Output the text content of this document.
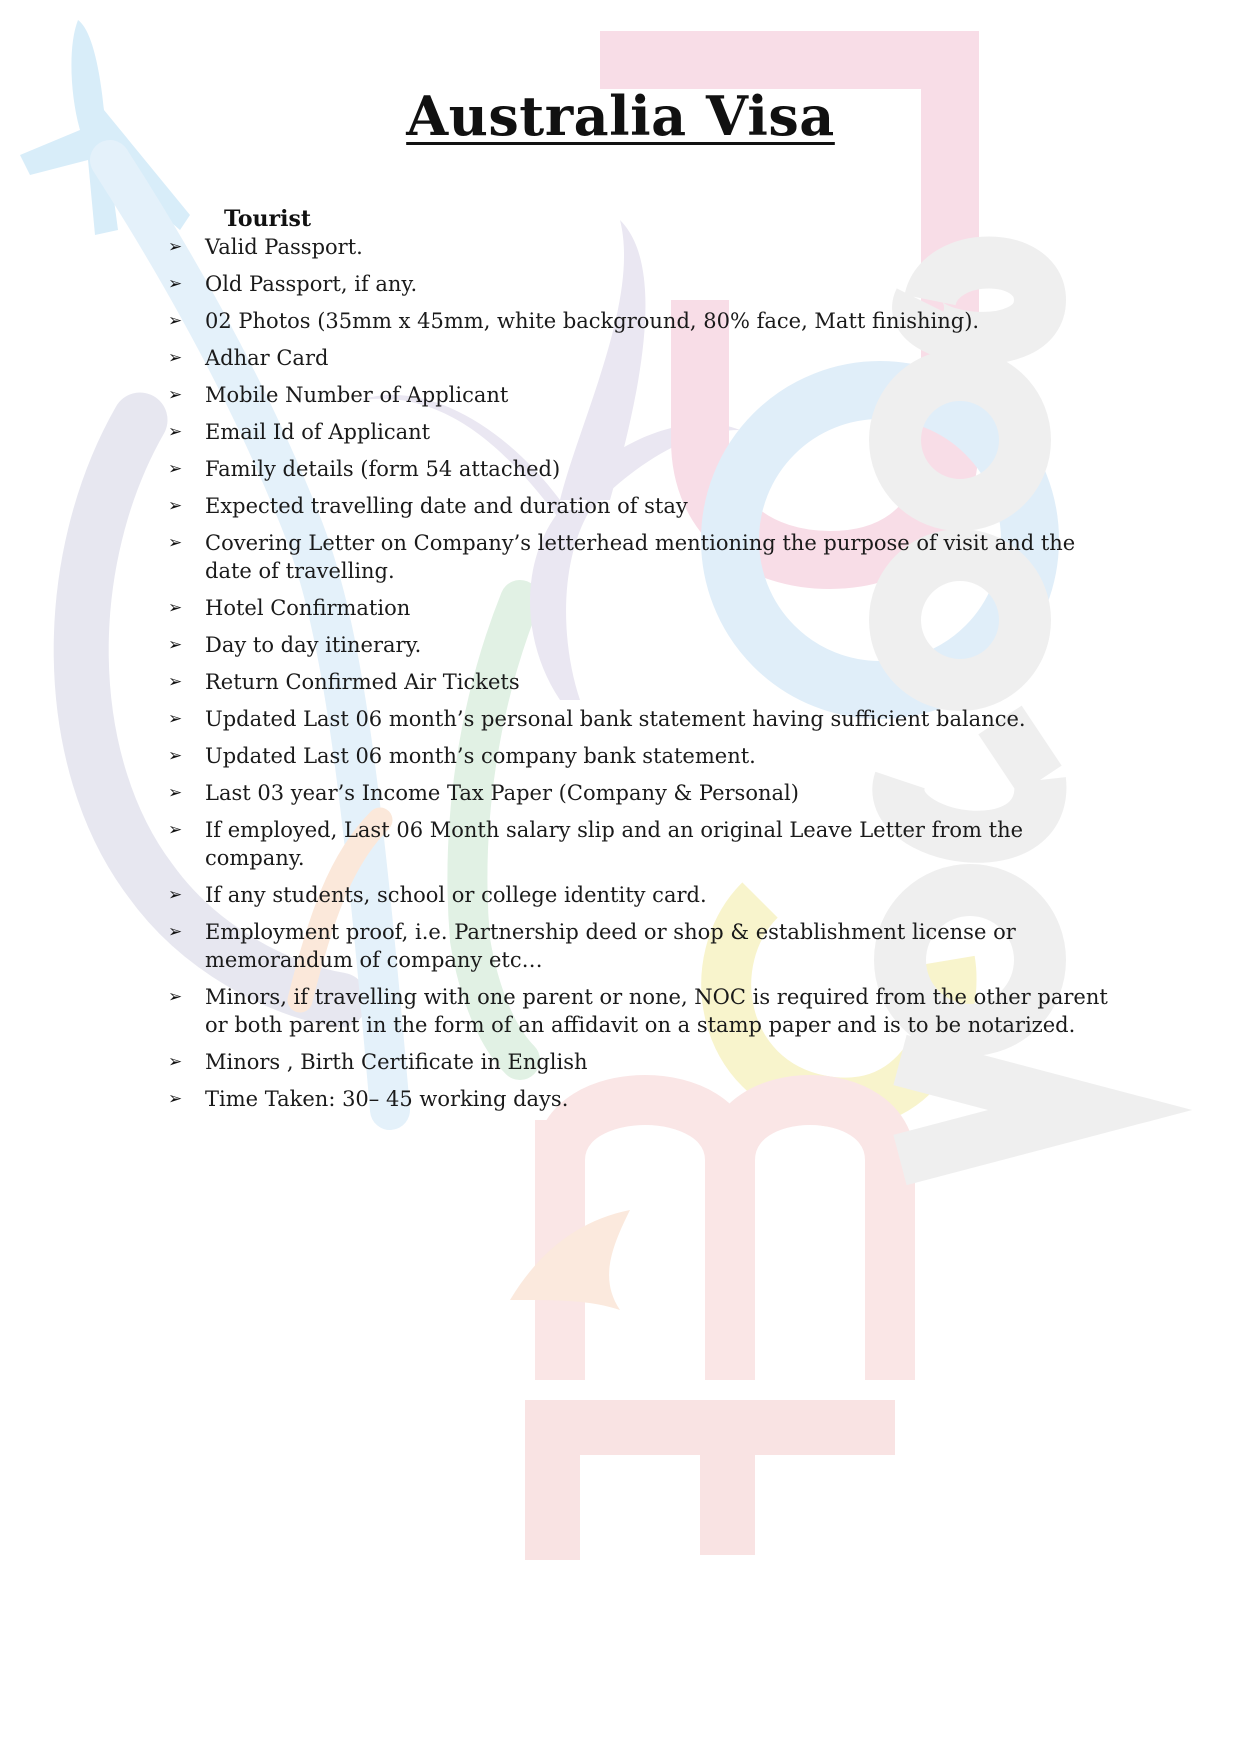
Australia Visa
Tourist
➢	Valid Passport.
➢	Old Passport, if any.
➢	02 Photos (35mm x 45mm, white background, 80% face, Matt finishing).
➢	Adhar Card
➢	Mobile Number of Applicant
➢	Email Id of Applicant
➢	Family details (form 54 attached)
➢	Expected travelling date and duration of stay
➢	Covering Letter on Company’s letterhead mentioning the purpose of visit and the date of travelling.
➢	Hotel Confirmation
➢	Day to day itinerary.
➢	Return Confirmed Air Tickets
➢	Updated Last 06 month’s personal bank statement having sufficient balance.
➢	Updated Last 06 month’s company bank statement.
➢	Last 03 year’s Income Tax Paper (Company & Personal)
➢	If employed, Last 06 Month salary slip and an original Leave Letter from the company.
➢	If any students, school or college identity card.
➢	Employment proof, i.e. Partnership deed or shop & establishment license or memorandum of company etc…
➢	Minors, if travelling with one parent or none, NOC is required from the other parent or both parent in the form of an affidavit on a stamp paper and is to be notarized.
➢	Minors , Birth Certificate in English
➢	Time Taken: 30– 45 working days.
